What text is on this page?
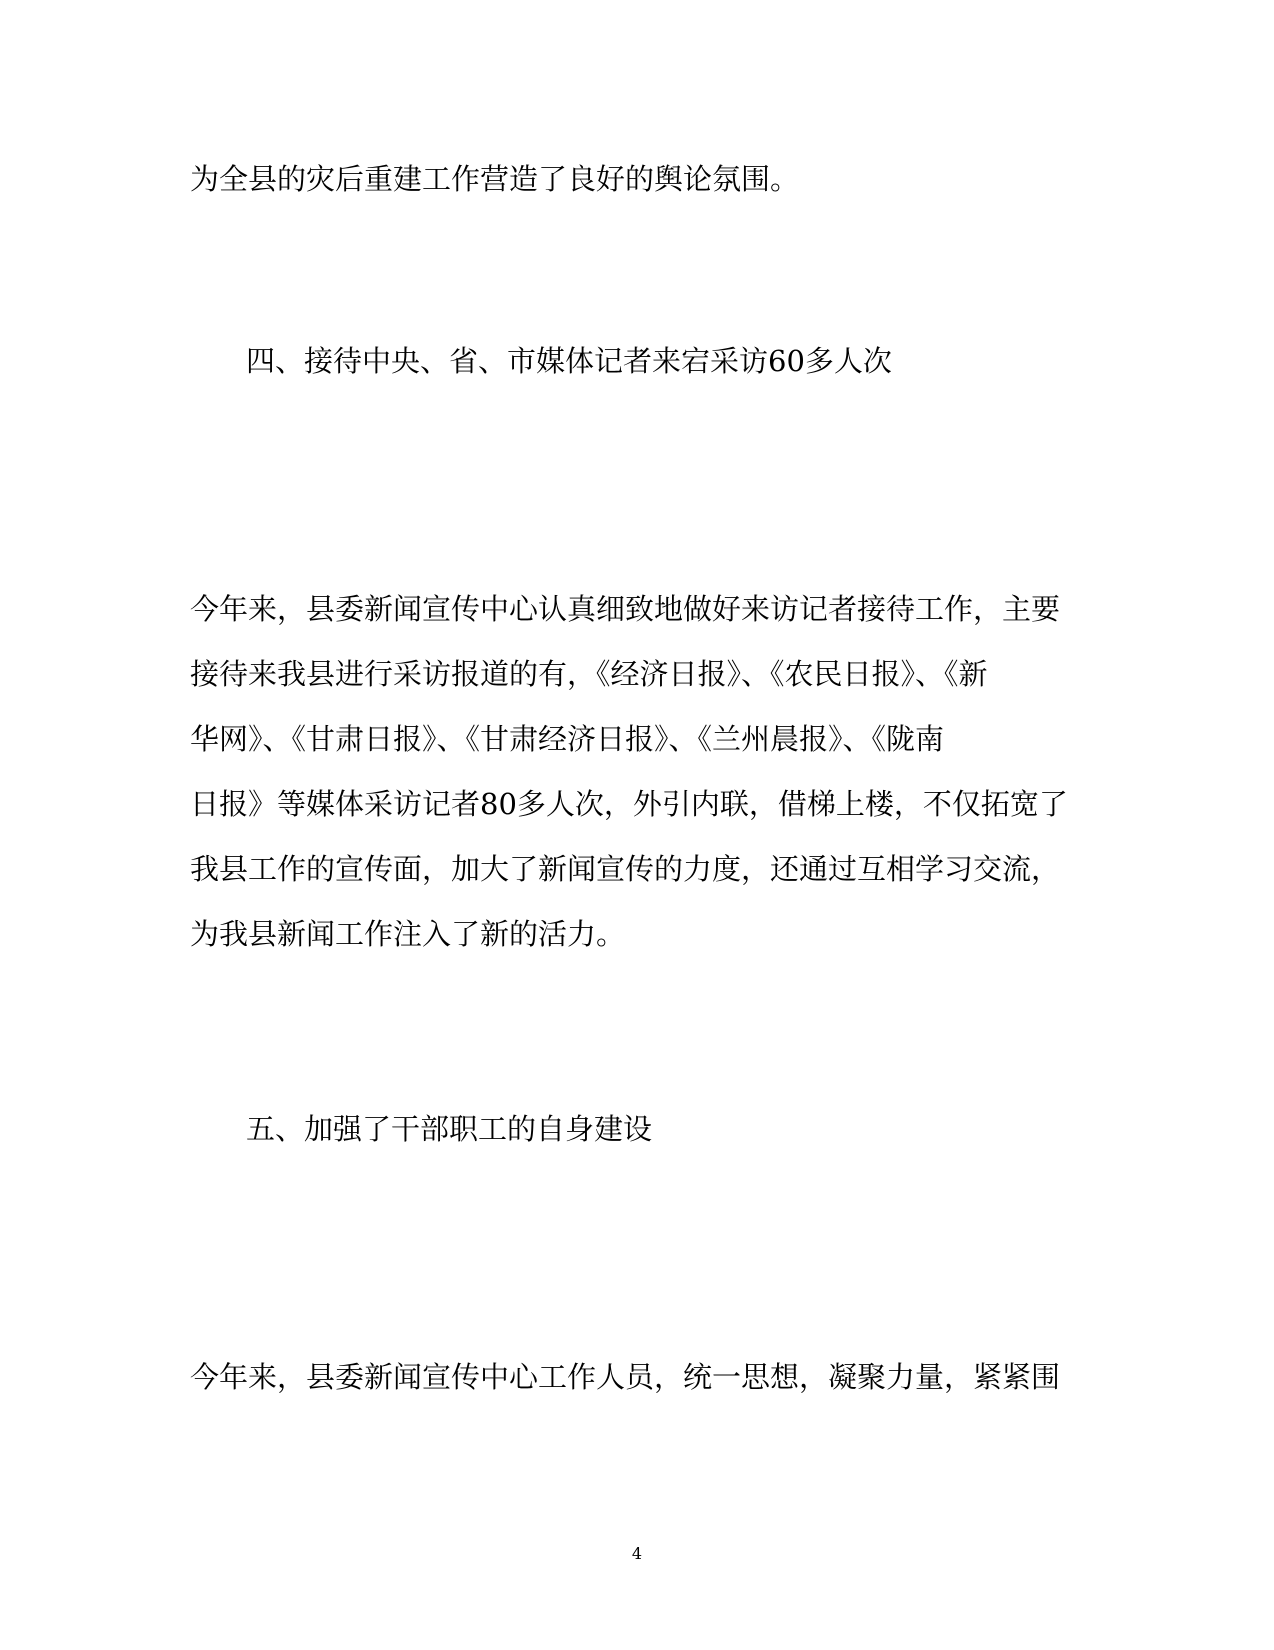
为全县的灾后重建工作营造了良好的舆论氛围。
四、接待中央、省、市媒体记者来宕采访60多人次
今年来，县委新闻宣传中心认真细致地做好来访记者接待工作，主要
接待来我县进行采访报道的有，《经济日报》、《农民日报》、《新
华网》、《甘肃日报》、《甘肃经济日报》、《兰州晨报》、《陇南
日报》等媒体采访记者80多人次，外引内联，借梯上楼，不仅拓宽了
我县工作的宣传面，加大了新闻宣传的力度，还通过互相学习交流，
为我县新闻工作注入了新的活力。
五、加强了干部职工的自身建设
今年来，县委新闻宣传中心工作人员，统一思想，凝聚力量，紧紧围
4
